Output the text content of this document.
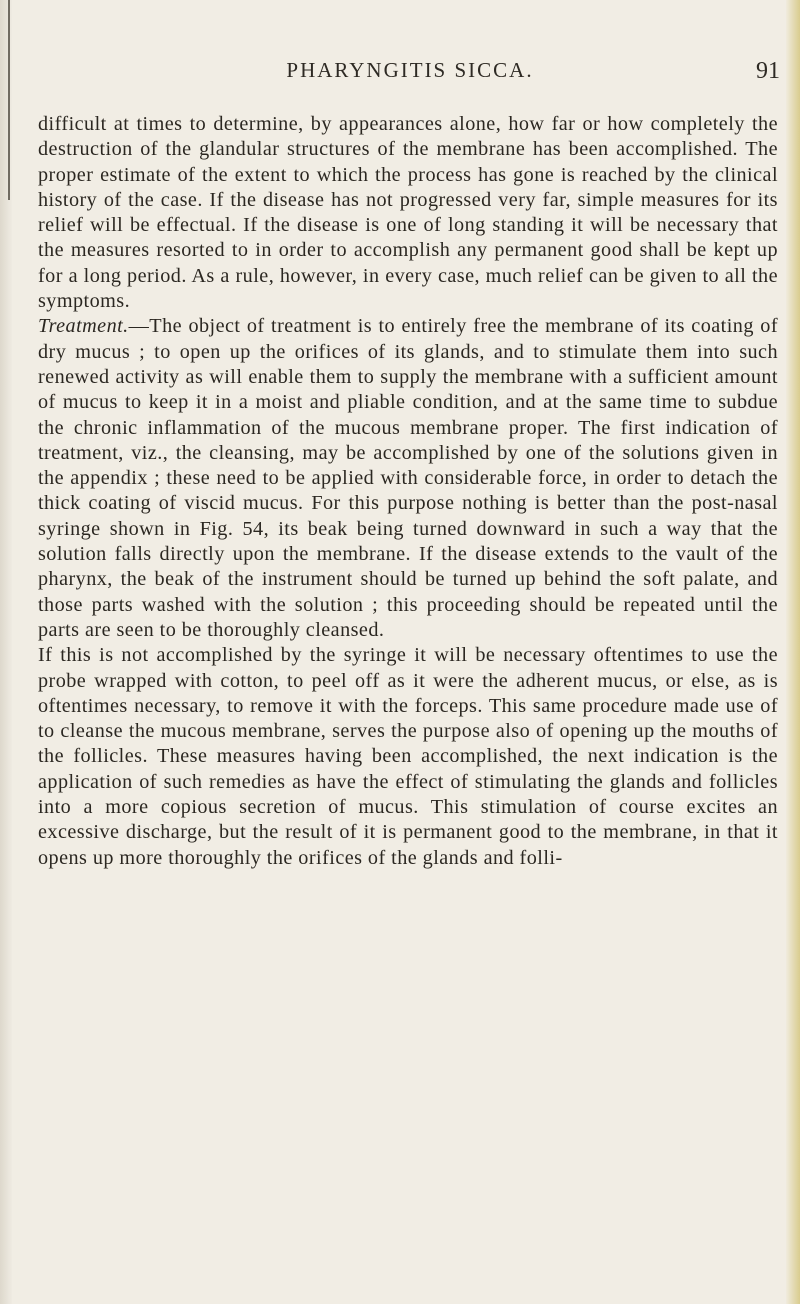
PHARYNGITIS SICCA.	91

difficult at times to determine, by appearances alone, how far or how completely the destruction of the glandular structures of the membrane has been accomplished. The proper estimate of the extent to which the process has gone is reached by the clinical history of the case. If the disease has not progressed very far, simple measures for its relief will be effectual. If the disease is one of long standing it will be necessary that the measures resorted to in order to accomplish any permanent good shall be kept up for a long period. As a rule, however, in every case, much relief can be given to all the symptoms.

Treatment.—The object of treatment is to entirely free the membrane of its coating of dry mucus ; to open up the orifices of its glands, and to stimulate them into such renewed activity as will enable them to supply the membrane with a sufficient amount of mucus to keep it in a moist and pliable condition, and at the same time to subdue the chronic inflammation of the mucous membrane proper. The first indication of treatment, viz., the cleansing, may be accomplished by one of the solutions given in the appendix ; these need to be applied with considerable force, in order to detach the thick coating of viscid mucus. For this purpose nothing is better than the post-nasal syringe shown in Fig. 54, its beak being turned downward in such a way that the solution falls directly upon the membrane. If the disease extends to the vault of the pharynx, the beak of the instrument should be turned up behind the soft palate, and those parts washed with the solution ; this proceeding should be repeated until the parts are seen to be thoroughly cleansed.

If this is not accomplished by the syringe it will be necessary oftentimes to use the probe wrapped with cotton, to peel off as it were the adherent mucus, or else, as is oftentimes necessary, to remove it with the forceps. This same procedure made use of to cleanse the mucous membrane, serves the purpose also of opening up the mouths of the follicles. These measures having been accomplished, the next indication is the application of such remedies as have the effect of stimulating the glands and follicles into a more copious secretion of mucus. This stimulation of course excites an excessive discharge, but the result of it is permanent good to the membrane, in that it opens up more thoroughly the orifices of the glands and folli-
